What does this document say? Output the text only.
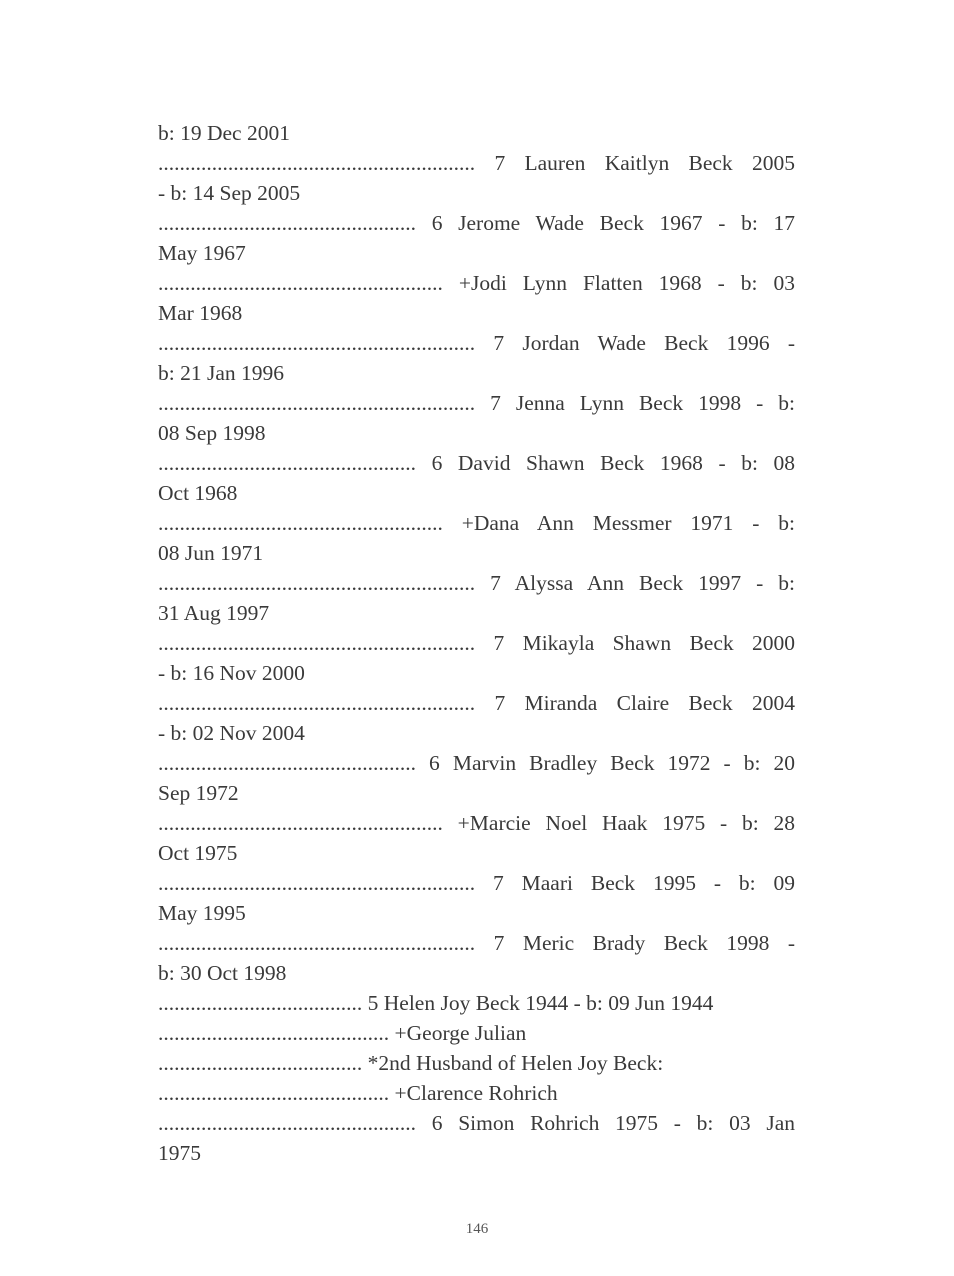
b: 19 Dec 2001
........................................................... 7 Lauren Kaitlyn Beck 2005
- b: 14 Sep 2005
................................................ 6 Jerome Wade Beck 1967 - b: 17
May 1967
..................................................... +Jodi Lynn Flatten 1968 - b: 03
Mar 1968
........................................................... 7 Jordan Wade Beck 1996 -
b: 21 Jan 1996
........................................................... 7 Jenna Lynn Beck 1998 - b:
08 Sep 1998
................................................ 6 David Shawn Beck 1968 - b: 08
Oct 1968
..................................................... +Dana Ann Messmer 1971 - b:
08 Jun 1971
........................................................... 7 Alyssa Ann Beck 1997 - b:
31 Aug 1997
........................................................... 7 Mikayla Shawn Beck 2000
- b: 16 Nov 2000
........................................................... 7 Miranda Claire Beck 2004
- b: 02 Nov 2004
................................................ 6 Marvin Bradley Beck 1972 - b: 20
Sep 1972
..................................................... +Marcie Noel Haak 1975 - b: 28
Oct 1975
........................................................... 7 Maari Beck 1995 - b: 09
May 1995
........................................................... 7 Meric Brady Beck 1998 -
b: 30 Oct 1998
...................................... 5 Helen Joy Beck 1944 - b: 09 Jun 1944
........................................... +George Julian
...................................... *2nd Husband of Helen Joy Beck:
........................................... +Clarence Rohrich
................................................ 6 Simon Rohrich 1975 - b: 03 Jan
1975
146
